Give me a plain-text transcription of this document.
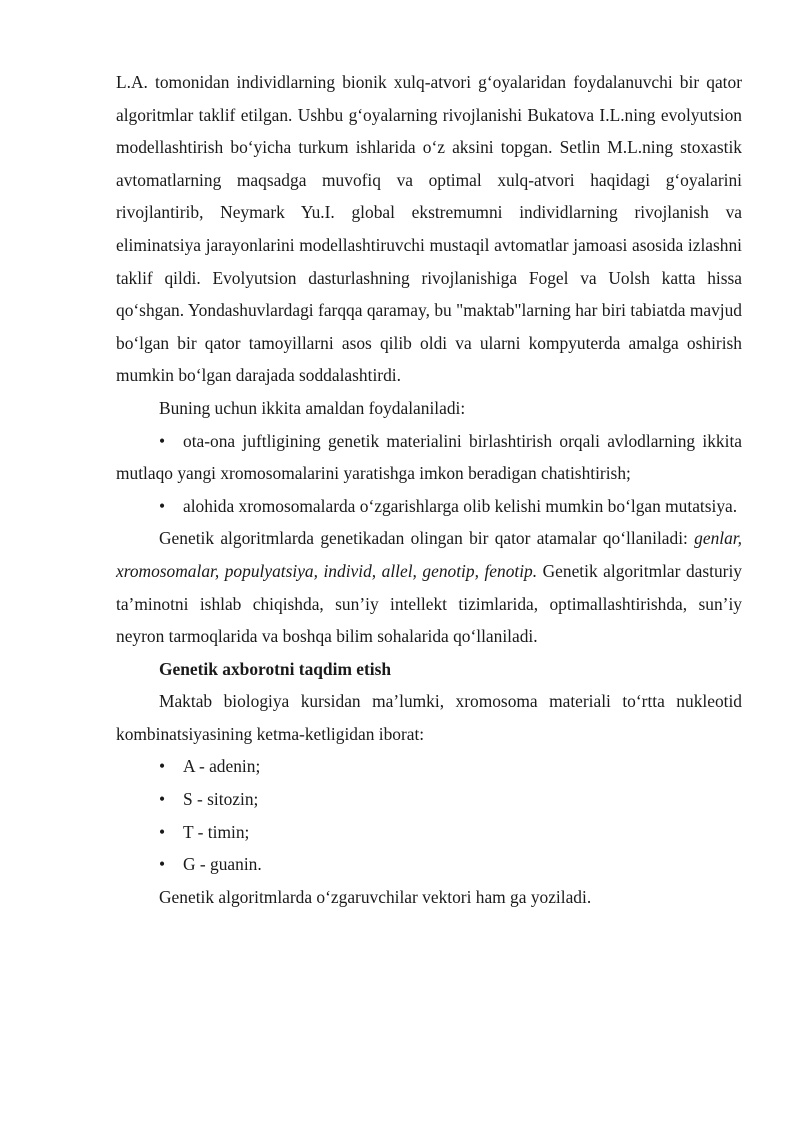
L.A. tomonidan individlarning bionik xulq-atvori g‘oyalaridan foydalanuvchi bir qator algoritmlar taklif etilgan. Ushbu g‘oyalarning rivojlanishi Bukatova I.L.ning evolyutsion modellashtirish bo‘yicha turkum ishlarida o‘z aksini topgan. Setlin M.L.ning stoxastik avtomatlarning maqsadga muvofiq va optimal xulq-atvori haqidagi g‘oyalarini rivojlantirib, Neymark Yu.I. global ekstremumni individlarning rivojlanish va eliminatsiya jarayonlarini modellashtiruvchi mustaqil avtomatlar jamoasi asosida izlashni taklif qildi. Evolyutsion dasturlashning rivojlanishiga Fogel va Uolsh katta hissa qo‘shgan. Yondashuvlardagi farqqa qaramay, bu "maktab"larning har biri tabiatda mavjud bo‘lgan bir qator tamoyillarni asos qilib oldi va ularni kompyuterda amalga oshirish mumkin bo‘lgan darajada soddalashtirdi.

Buning uchun ikkita amaldan foydalaniladi:

• ota-ona juftligining genetik materialini birlashtirish orqali avlodlarning ikkita mutlaqo yangi xromosomalarini yaratishga imkon beradigan chatishtirish;

• alohida xromosomalarda o‘zgarishlarga olib kelishi mumkin bo‘lgan mutatsiya.

Genetik algoritmlarda genetikadan olingan bir qator atamalar qo‘llaniladi: genlar, xromosomalar, populyatsiya, individ, allel, genotip, fenotip. Genetik algoritmlar dasturiy ta’minotni ishlab chiqishda, sun’iy intellekt tizimlarida, optimallashtirishda, sun’iy neyron tarmoqlarida va boshqa bilim sohalarida qo‘llaniladi.

Genetik axborotni taqdim etish

Maktab biologiya kursidan ma’lumki, xromosoma materiali to‘rtta nukleotid kombinatsiyasining ketma-ketligidan iborat:

• A - adenin;

• S - sitozin;

• T - timin;

• G - guanin.

Genetik algoritmlarda o‘zgaruvchilar vektori ham ga yoziladi.
